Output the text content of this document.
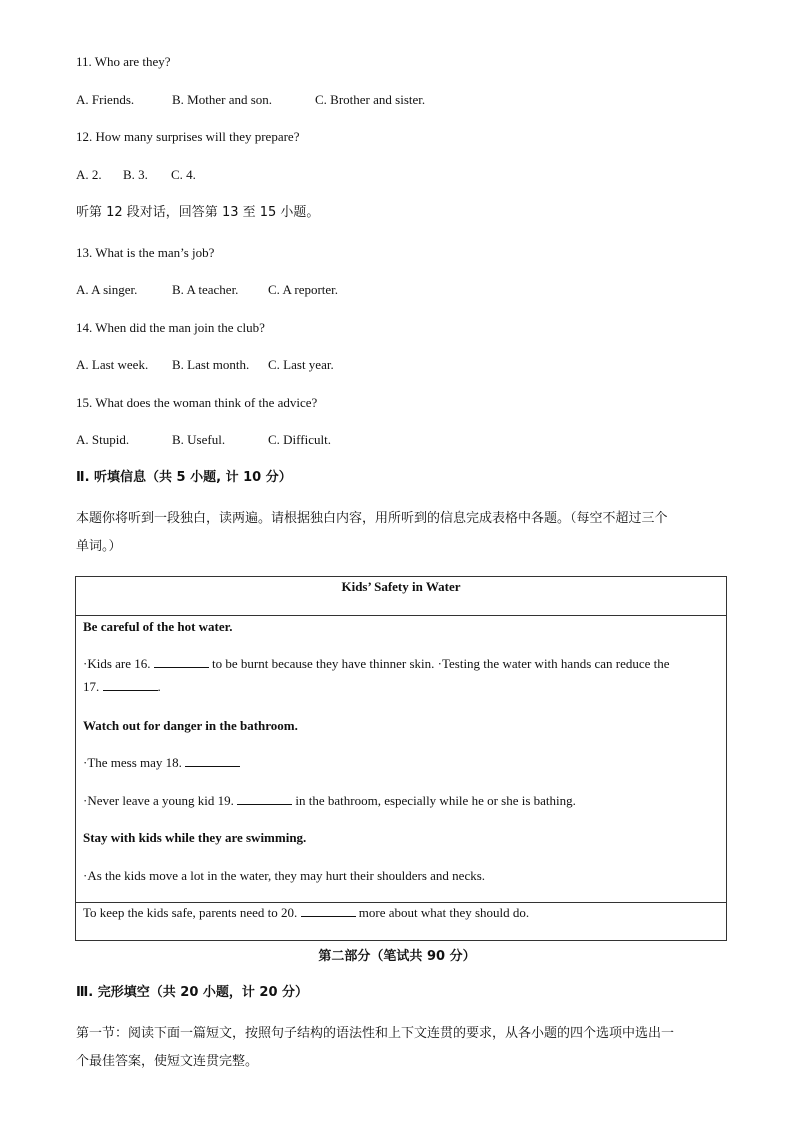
11. Who are they?
A. Friends.	B. Mother and son.	C. Brother and sister.
12. How many surprises will they prepare?
A. 2. B. 3. C. 4.
听第 12 段对话，回答第 13 至 15 小题。
13. What is the man’s job?
A. A singer.	B. A teacher. C. A reporter.
14. When did the man join the club?
A. Last week. B. Last month. C. Last year.
15. What does the woman think of the advice?
A. Stupid.	B. Useful.	C. Difficult.
Ⅱ. 听填信息（共 5 小题, 计 10 分）
本题你将听到一段独白，读两遍。请根据独白内容，用所听到的信息完成表格中各题。（每空不超过三个
单词。）
Kids’ Safety in Water

Be careful of the hot water.
·Kids are 16.	to be burnt because they have thinner skin. ·Testing the water with hands can reduce the
17.	.
Watch out for danger in the bathroom.
·The mess may 18.
·Never leave a young kid 19.	in the bathroom, especially while he or she is bathing.
Stay with kids while they are swimming.
·As the kids move a lot in the water, they may hurt their shoulders and necks.

To keep the kids safe, parents need to 20.	more about what they should do.
第二部分（笔试共 90 分）
Ⅲ. 完形填空（共 20 小题，计 20 分）
第一节：阅读下面一篇短文，按照句子结构的语法性和上下文连贯的要求，从各小题的四个选项中选出一
个最佳答案，使短文连贯完整。
